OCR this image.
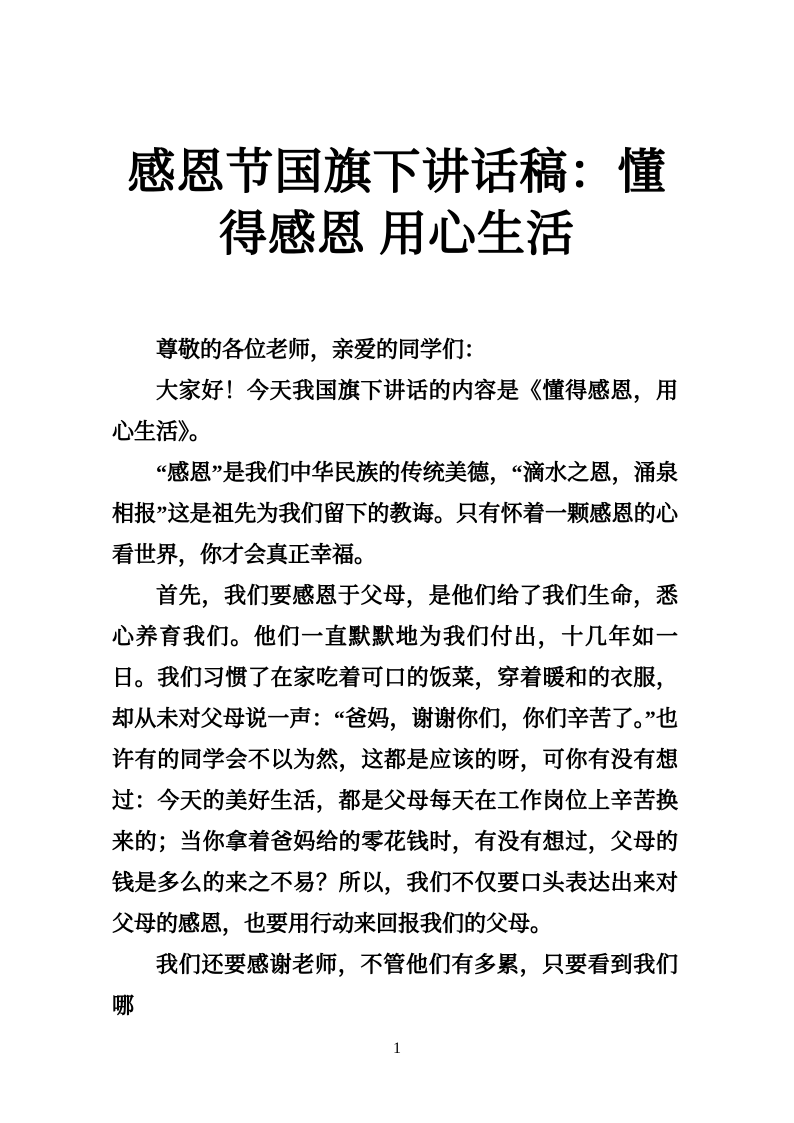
感恩节国旗下讲话稿：懂
得感恩 用心生活

尊敬的各位老师，亲爱的同学们：

大家好！今天我国旗下讲话的内容是《懂得感恩，用心生活》。

“感恩”是我们中华民族的传统美德，“滴水之恩，涌泉相报”这是祖先为我们留下的教诲。只有怀着一颗感恩的心看世界，你才会真正幸福。

首先，我们要感恩于父母，是他们给了我们生命，悉心养育我们。他们一直默默地为我们付出，十几年如一日。我们习惯了在家吃着可口的饭菜，穿着暖和的衣服，却从未对父母说一声：“爸妈，谢谢你们，你们辛苦了。”也许有的同学会不以为然，这都是应该的呀，可你有没有想过：今天的美好生活，都是父母每天在工作岗位上辛苦换来的；当你拿着爸妈给的零花钱时，有没有想过，父母的钱是多么的来之不易？所以，我们不仅要口头表达出来对父母的感恩，也要用行动来回报我们的父母。

我们还要感谢老师，不管他们有多累，只要看到我们哪

1
